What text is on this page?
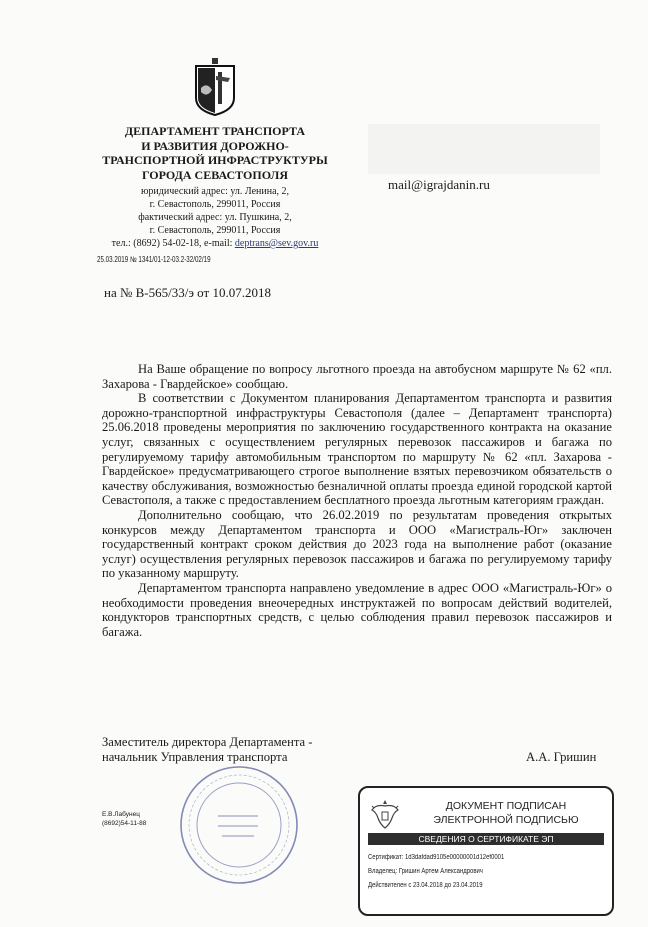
ДЕПАРТАМЕНТ ТРАНСПОРТА
И РАЗВИТИЯ ДОРОЖНО-
ТРАНСПОРТНОЙ ИНФРАСТРУКТУРЫ
ГОРОДА СЕВАСТОПОЛЯ
юридический адрес: ул. Ленина, 2,
г. Севастополь, 299011, Россия
фактический адрес: ул. Пушкина, 2,
г. Севастополь, 299011, Россия
тел.: (8692) 54-02-18, e-mail: deptrans@sev.gov.ru
25.03.2019 № 1341/01-12-03.2-32/02/19
на № В-565/33/э от 10.07.2018
mail@igrajdanin.ru

На Ваше обращение по вопросу льготного проезда на автобусном маршруте № 62 «пл. Захарова - Гвардейское» сообщаю.

В соответствии с Документом планирования Департаментом транспорта и развития дорожно-транспортной инфраструктуры Севастополя (далее – Департамент транспорта) 25.06.2018 проведены мероприятия по заключению государственного контракта на оказание услуг, связанных с осуществлением регулярных перевозок пассажиров и багажа по регулируемому тарифу автомобильным транспортом по маршруту № 62 «пл. Захарова - Гвардейское» предусматривающего строгое выполнение взятых перевозчиком обязательств о качеству обслуживания, возможностью безналичной оплаты проезда единой городской картой Севастополя, а также с предоставлением бесплатного проезда льготным категориям граждан.

Дополнительно сообщаю, что 26.02.2019 по результатам проведения открытых конкурсов между Департаментом транспорта и ООО «Магистраль-Юг» заключен государственный контракт сроком действия до 2023 года на выполнение работ (оказание услуг) осуществления регулярных перевозок пассажиров и багажа по регулируемому тарифу по указанному маршруту.

Департаментом транспорта направлено уведомление в адрес ООО «Магистраль-Юг» о необходимости проведения внеочередных инструктажей по вопросам действий водителей, кондукторов транспортных средств, с целью соблюдения правил перевозок пассажиров и багажа.

Заместитель директора Департамента -
начальник Управления транспорта	А.А. Гришин
Е.В.Лабунец
(8692)54-11-88
ДОКУМЕНТ ПОДПИСАН
ЭЛЕКТРОННОЙ ПОДПИСЬЮ
СВЕДЕНИЯ О СЕРТИФИКАТЕ ЭП
Сертификат: 1d3dafdad9105e00000001d12ef0001
Владелец: Гришин Артем Александрович
Действителен с 23.04.2018 до 23.04.2019
